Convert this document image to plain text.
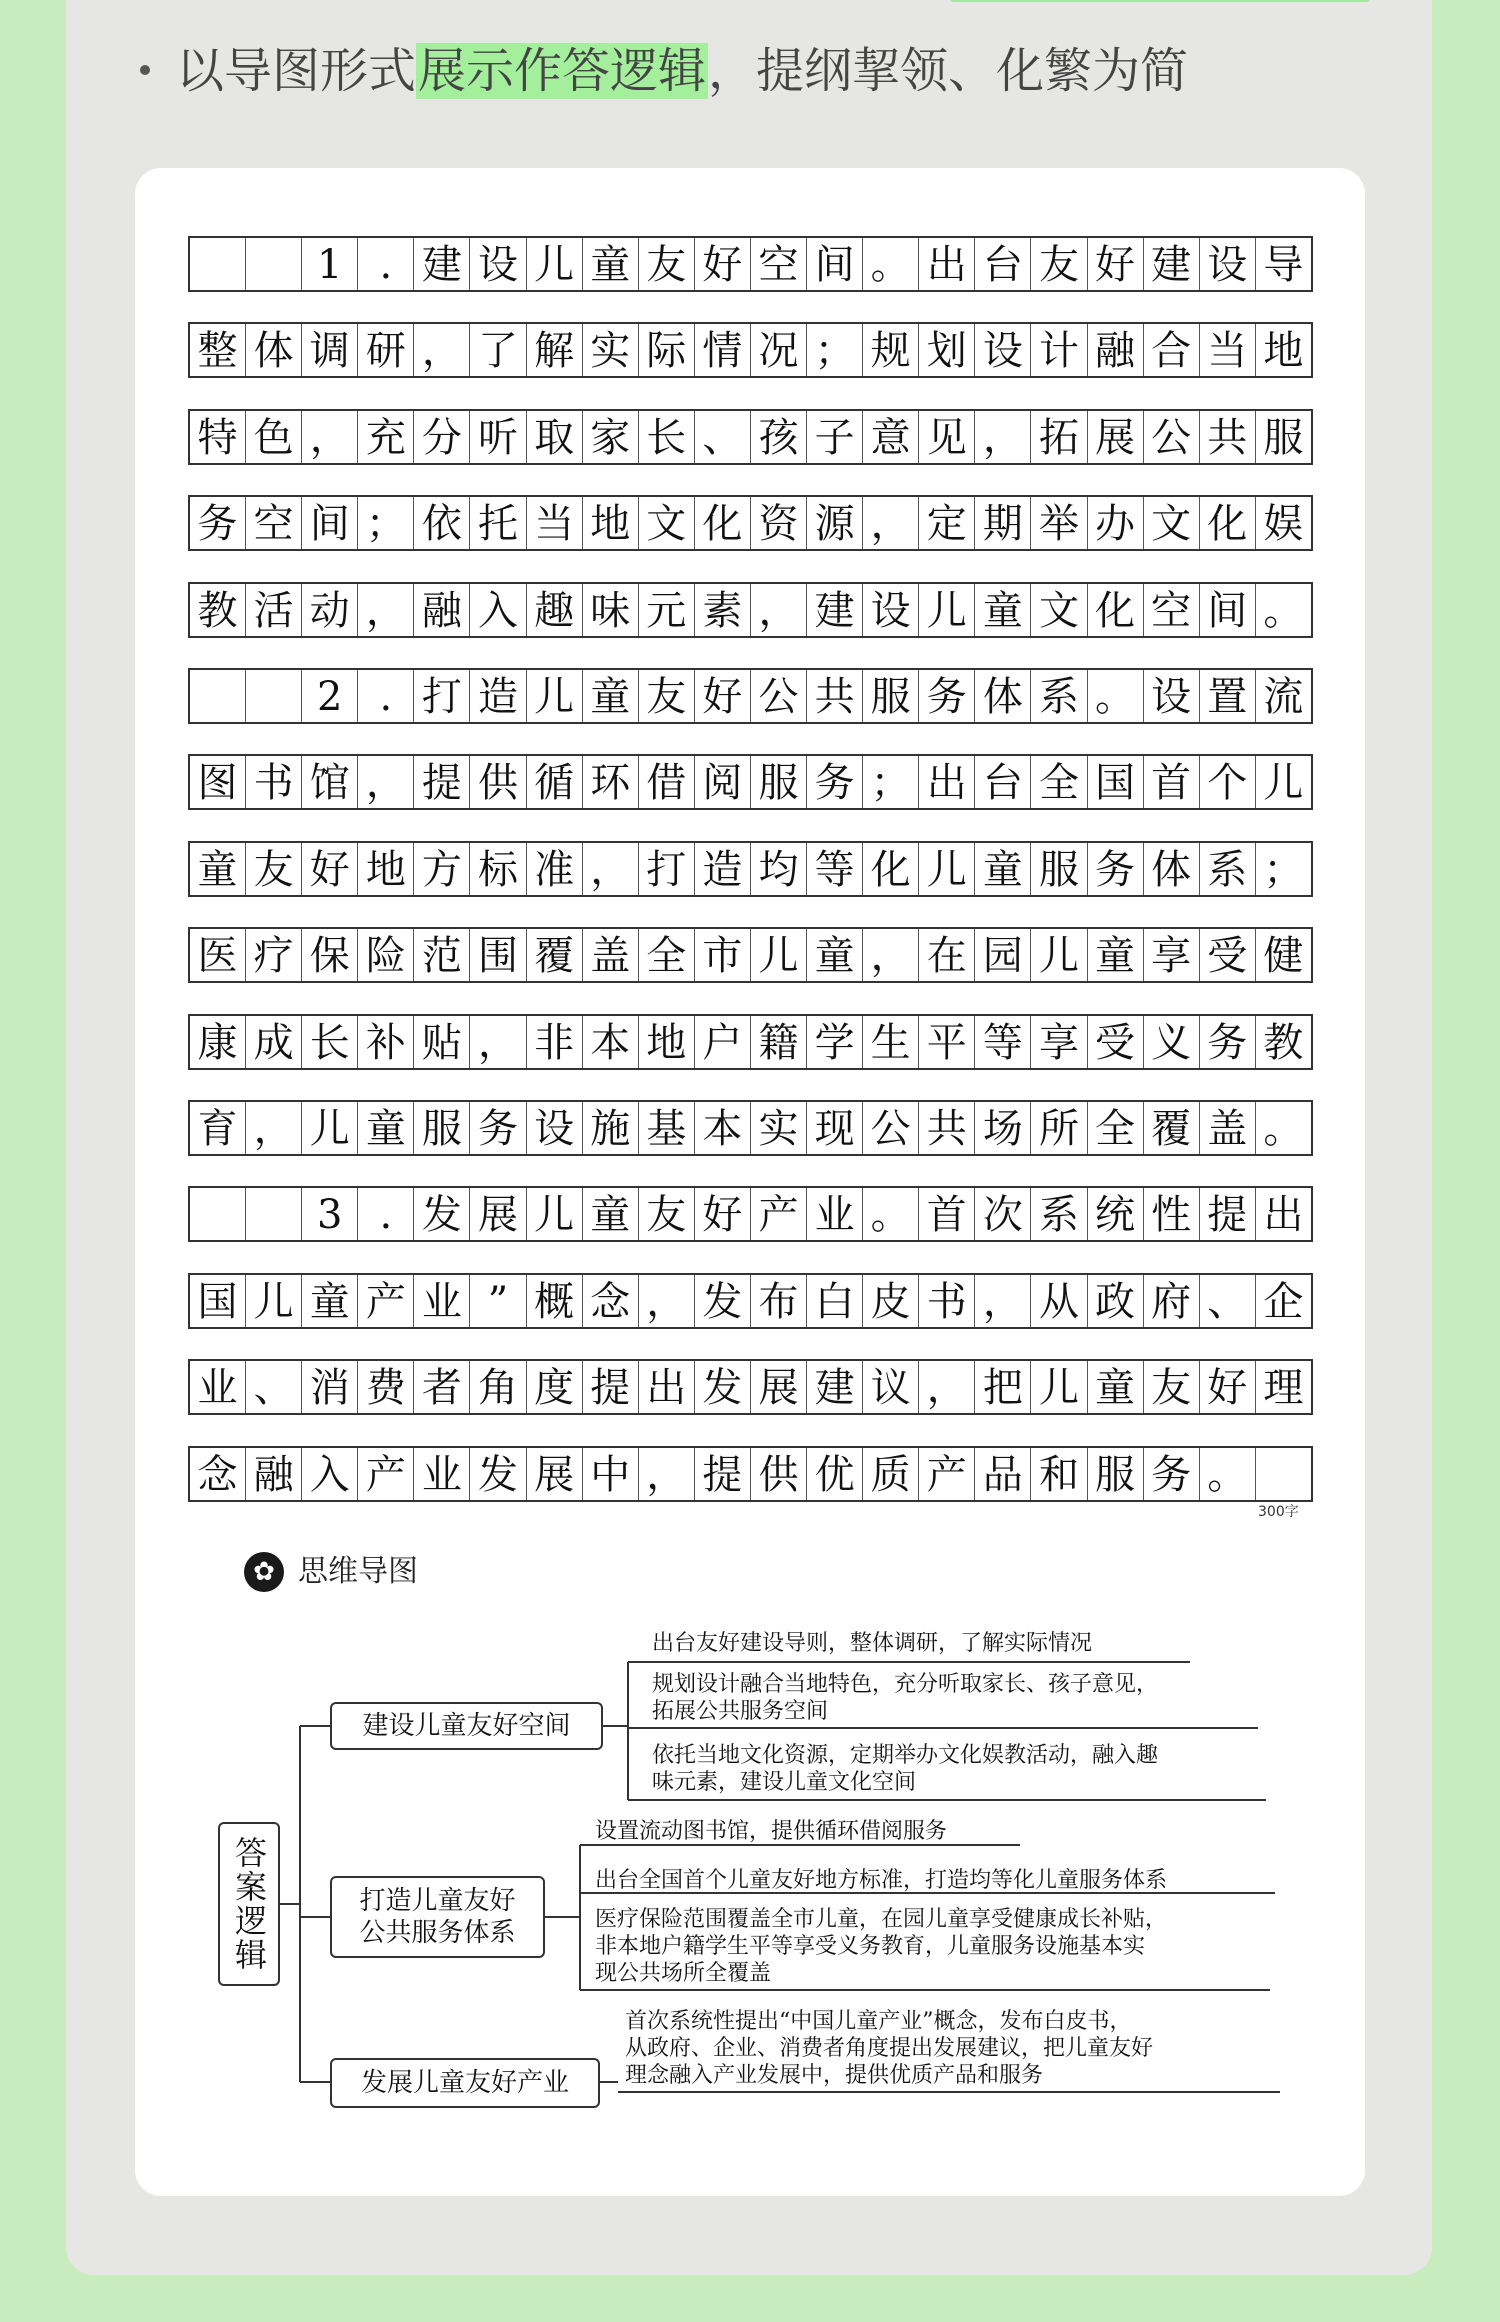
以导图形式展示作答逻辑，提纲挈领、化繁为简
1 . 建 设 儿 童 友 好 空 间 。 出 台 友 好 建 设 导
整 体 调 研 ， 了 解 实 际 情 况 ； 规 划 设 计 融 合 当 地
特 色 ， 充 分 听 取 家 长 、 孩 子 意 见 ， 拓 展 公 共 服
务 空 间 ； 依 托 当 地 文 化 资 源 ， 定 期 举 办 文 化 娱
教 活 动 ， 融 入 趣 味 元 素 ， 建 设 儿 童 文 化 空 间 。
2 . 打 造 儿 童 友 好 公 共 服 务 体 系 。 设 置 流
图 书 馆 ， 提 供 循 环 借 阅 服 务 ； 出 台 全 国 首 个 儿
童 友 好 地 方 标 准 ， 打 造 均 等 化 儿 童 服 务 体 系 ；
医 疗 保 险 范 围 覆 盖 全 市 儿 童 ， 在 园 儿 童 享 受 健
康 成 长 补 贴 ， 非 本 地 户 籍 学 生 平 等 享 受 义 务 教
育 ， 儿 童 服 务 设 施 基 本 实 现 公 共 场 所 全 覆 盖 。
3 . 发 展 儿 童 友 好 产 业 。 首 次 系 统 性 提 出
国 儿 童 产 业 ” 概 念 ， 发 布 白 皮 书 ， 从 政 府 、 企
业 、 消 费 者 角 度 提 出 发 展 建 议 ， 把 儿 童 友 好 理
念 融 入 产 业 发 展 中 ， 提 供 优 质 产 品 和 服 务 。
300字
✿ 思维导图
答案逻辑
建设儿童友好空间
打造儿童友好
公共服务体系
发展儿童友好产业
出台友好建设导则，整体调研，了解实际情况
规划设计融合当地特色，充分听取家长、孩子意见，
拓展公共服务空间
依托当地文化资源，定期举办文化娱教活动，融入趣
味元素，建设儿童文化空间
设置流动图书馆，提供循环借阅服务
出台全国首个儿童友好地方标准，打造均等化儿童服务体系
医疗保险范围覆盖全市儿童，在园儿童享受健康成长补贴，
非本地户籍学生平等享受义务教育，儿童服务设施基本实
现公共场所全覆盖
首次系统性提出“中国儿童产业”概念，发布白皮书，
从政府、企业、消费者角度提出发展建议，把儿童友好
理念融入产业发展中，提供优质产品和服务
